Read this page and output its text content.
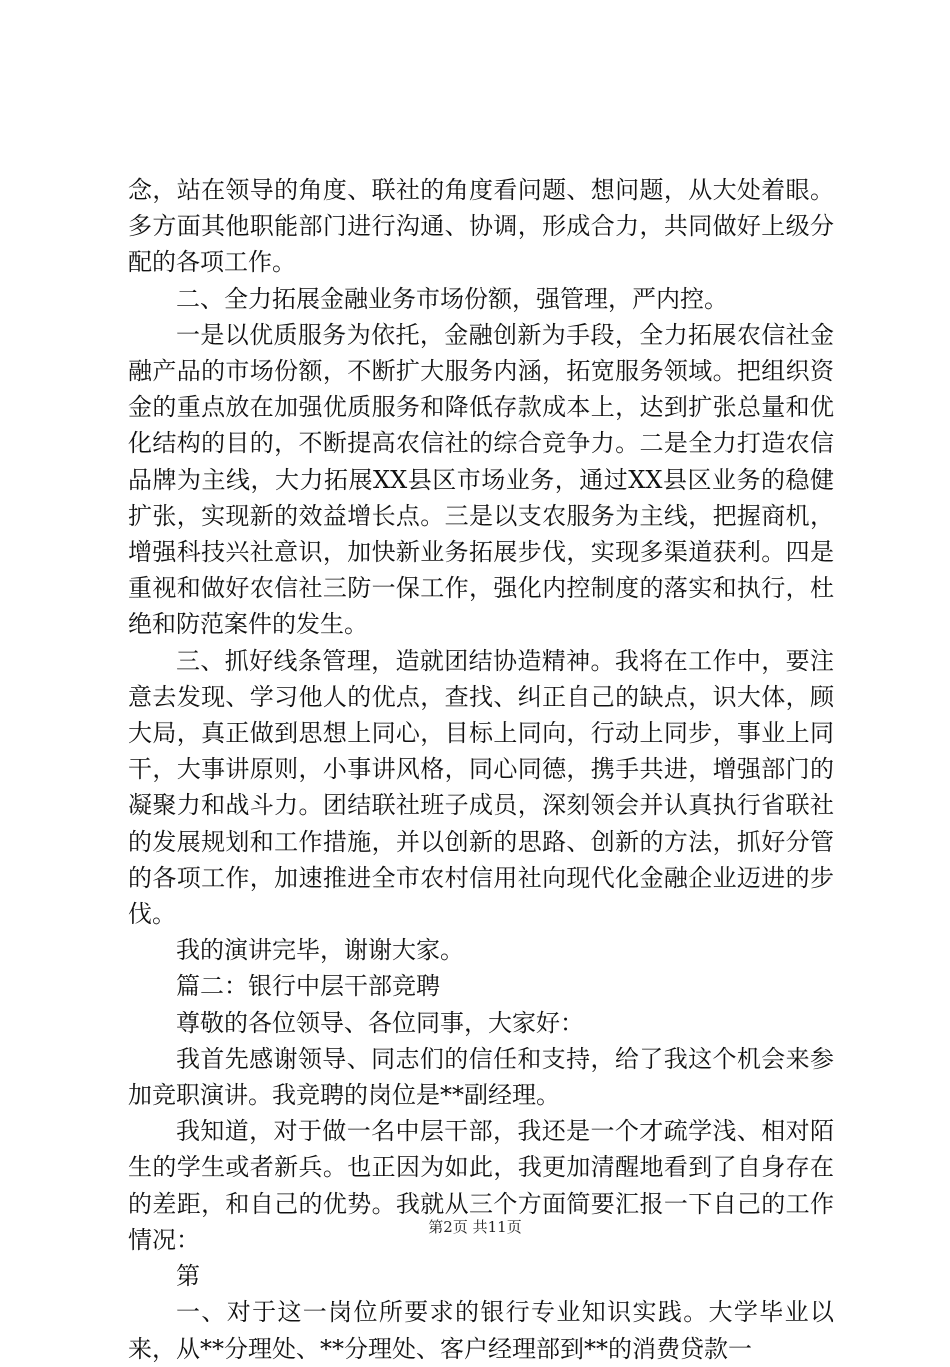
念，站在领导的角度、联社的角度看问题、想问题，从大处着眼。多方面其他职能部门进行沟通、协调，形成合力，共同做好上级分配的各项工作。

二、全力拓展金融业务市场份额，强管理，严内控。

一是以优质服务为依托，金融创新为手段，全力拓展农信社金融产品的市场份额，不断扩大服务内涵，拓宽服务领域。把组织资金的重点放在加强优质服务和降低存款成本上，达到扩张总量和优化结构的目的，不断提高农信社的综合竞争力。二是全力打造农信品牌为主线，大力拓展XX县区市场业务，通过XX县区业务的稳健扩张，实现新的效益增长点。三是以支农服务为主线，把握商机，增强科技兴社意识，加快新业务拓展步伐，实现多渠道获利。四是重视和做好农信社三防一保工作，强化内控制度的落实和执行，杜绝和防范案件的发生。

三、抓好线条管理，造就团结协造精神。我将在工作中，要注意去发现、学习他人的优点，查找、纠正自己的缺点，识大体，顾大局，真正做到思想上同心，目标上同向，行动上同步，事业上同干，大事讲原则，小事讲风格，同心同德，携手共进，增强部门的凝聚力和战斗力。团结联社班子成员，深刻领会并认真执行省联社的发展规划和工作措施，并以创新的思路、创新的方法，抓好分管的各项工作，加速推进全市农村信用社向现代化金融企业迈进的步伐。

我的演讲完毕，谢谢大家。

篇二：银行中层干部竞聘

尊敬的各位领导、各位同事，大家好：

我首先感谢领导、同志们的信任和支持，给了我这个机会来参加竞职演讲。我竞聘的岗位是**副经理。

我知道，对于做一名中层干部，我还是一个才疏学浅、相对陌生的学生或者新兵。也正因为如此，我更加清醒地看到了自身存在的差距，和自己的优势。我就从三个方面简要汇报一下自己的工作情况：

第

一、对于这一岗位所要求的银行专业知识实践。大学毕业以来，从**分理处、**分理处、客户经理部到**的消费贷款一

第2页 共11页
